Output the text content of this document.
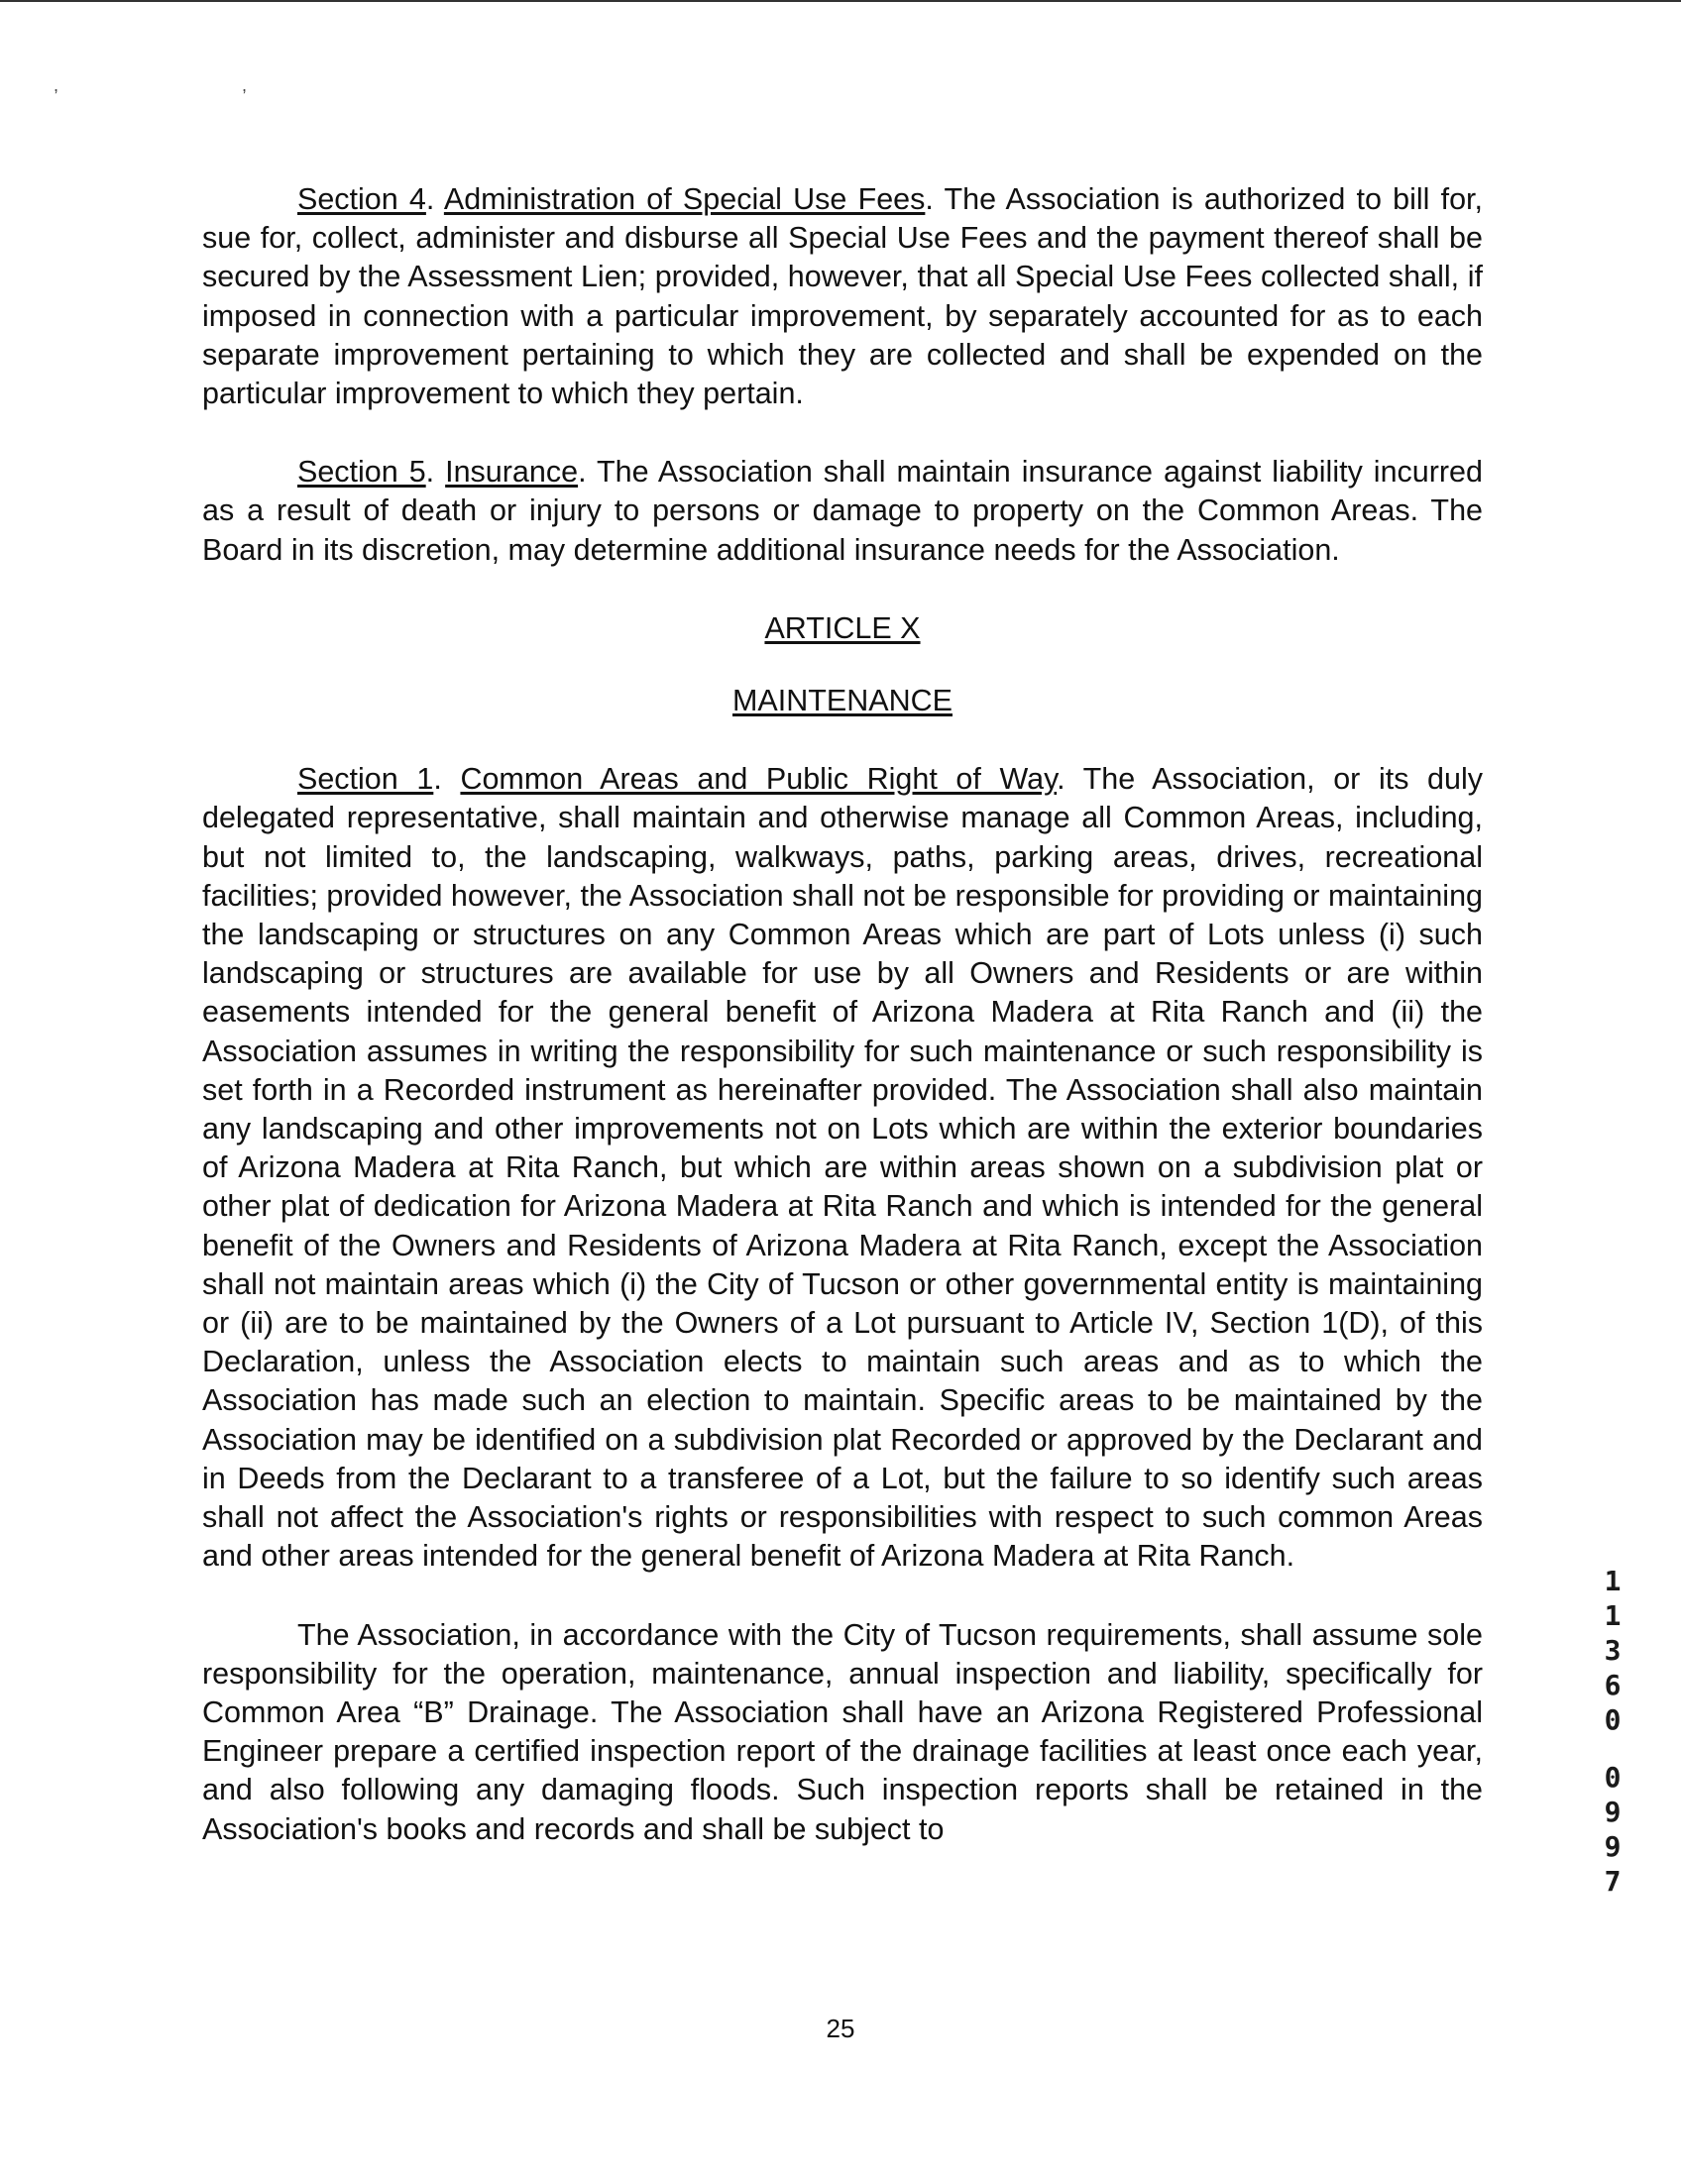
, ,

Section 4. Administration of Special Use Fees. The Association is authorized to bill for, sue for, collect, administer and disburse all Special Use Fees and the payment thereof shall be secured by the Assessment Lien; provided, however, that all Special Use Fees collected shall, if imposed in connection with a particular improvement, by separately accounted for as to each separate improvement pertaining to which they are collected and shall be expended on the particular improvement to which they pertain.

Section 5. Insurance. The Association shall maintain insurance against liability incurred as a result of death or injury to persons or damage to property on the Common Areas. The Board in its discretion, may determine additional insurance needs for the Association.

ARTICLE X
MAINTENANCE

Section 1. Common Areas and Public Right of Way. The Association, or its duly delegated representative, shall maintain and otherwise manage all Common Areas, including, but not limited to, the landscaping, walkways, paths, parking areas, drives, recreational facilities; provided however, the Association shall not be responsible for providing or maintaining the landscaping or structures on any Common Areas which are part of Lots unless (i) such landscaping or structures are available for use by all Owners and Residents or are within easements intended for the general benefit of Arizona Madera at Rita Ranch and (ii) the Association assumes in writing the responsibility for such maintenance or such responsibility is set forth in a Recorded instrument as hereinafter provided. The Association shall also maintain any landscaping and other improvements not on Lots which are within the exterior boundaries of Arizona Madera at Rita Ranch, but which are within areas shown on a subdivision plat or other plat of dedication for Arizona Madera at Rita Ranch and which is intended for the general benefit of the Owners and Residents of Arizona Madera at Rita Ranch, except the Association shall not maintain areas which (i) the City of Tucson or other governmental entity is maintaining or (ii) are to be maintained by the Owners of a Lot pursuant to Article IV, Section 1(D), of this Declaration, unless the Association elects to maintain such areas and as to which the Association has made such an election to maintain. Specific areas to be maintained by the Association may be identified on a subdivision plat Recorded or approved by the Declarant and in Deeds from the Declarant to a transferee of a Lot, but the failure to so identify such areas shall not affect the Association's rights or responsibilities with respect to such common Areas and other areas intended for the general benefit of Arizona Madera at Rita Ranch.

The Association, in accordance with the City of Tucson requirements, shall assume sole responsibility for the operation, maintenance, annual inspection and liability, specifically for Common Area “B” Drainage. The Association shall have an Arizona Registered Professional Engineer prepare a certified inspection report of the drainage facilities at least once each year, and also following any damaging floods. Such inspection reports shall be retained in the Association's books and records and shall be subject to

25
1
1
3
6
0
0
9
9
7
